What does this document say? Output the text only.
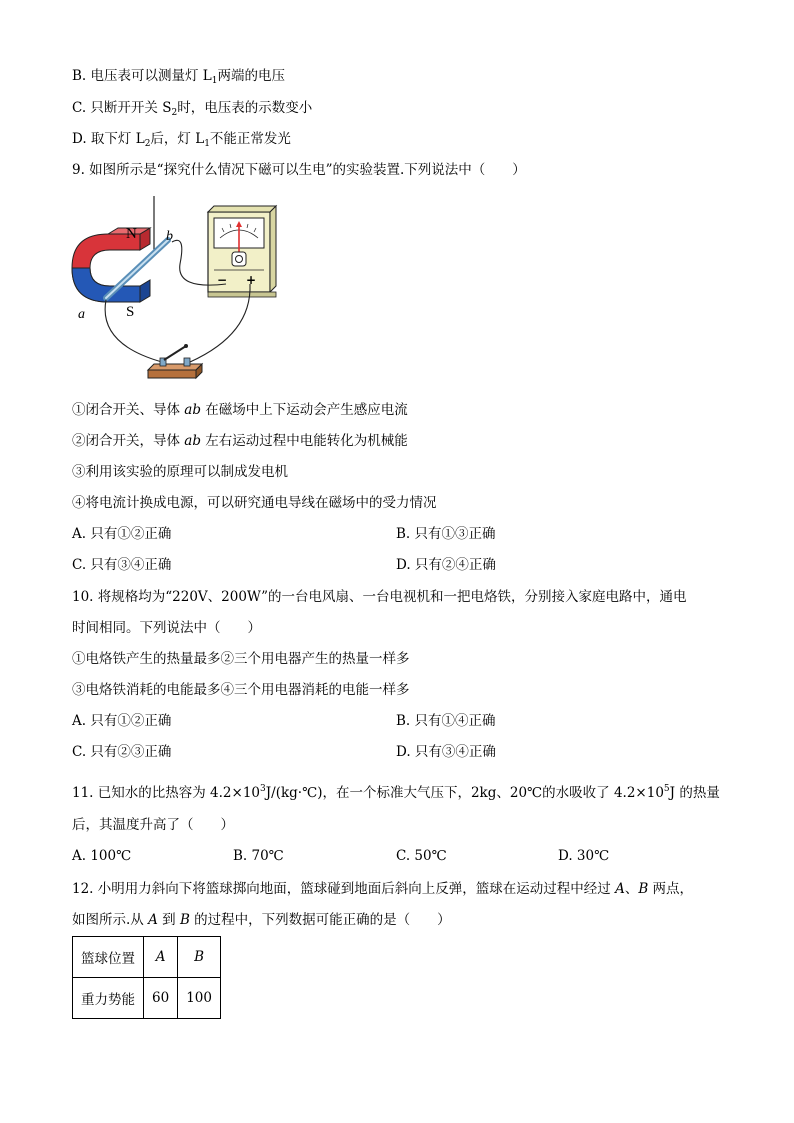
B. 电压表可以测量灯 $L_1$两端的电压
C. 只断开开关 $S_2$时，电压表的示数变小
D. 取下灯 $L_2$后，灯 $L_1$不能正常发光
9. 如图所示是“探究什么情况下磁可以生电”的实验装置.下列说法中（　　）
N
S
a
b
− +
①闭合开关、导体 ab 在磁场中上下运动会产生感应电流
②闭合开关，导体 ab 左右运动过程中电能转化为机械能
③利用该实验的原理可以制成发电机
④将电流计换成电源，可以研究通电导线在磁场中的受力情况
A. 只有①②正确	B. 只有①③正确
C. 只有③④正确	D. 只有②④正确
10. 将规格均为“220V、200W”的一台电风扇、一台电视机和一把电烙铁，分别接入家庭电路中，通电
时间相同。下列说法中（　　）
①电烙铁产生的热量最多②三个用电器产生的热量一样多
③电烙铁消耗的电能最多④三个用电器消耗的电能一样多
A. 只有①②正确	B. 只有①④正确
C. 只有②③正确	D. 只有③④正确
11. 已知水的比热容为 $4.2\times 10^3J/(kg\cdot℃)$，在一个标准大气压下，2kg、20℃的水吸收了 $4.2\times 10^5J$ 的热量
后，其温度升高了（　　）
A. 100℃	B. 70℃	C. 50℃	D. 30℃
12. 小明用力斜向下将篮球掷向地面，篮球碰到地面后斜向上反弹，篮球在运动过程中经过 A、B 两点，
如图所示.从 A 到 B 的过程中，下列数据可能正确的是（　　）
篮球位置	A	B
重力势能	60	100
